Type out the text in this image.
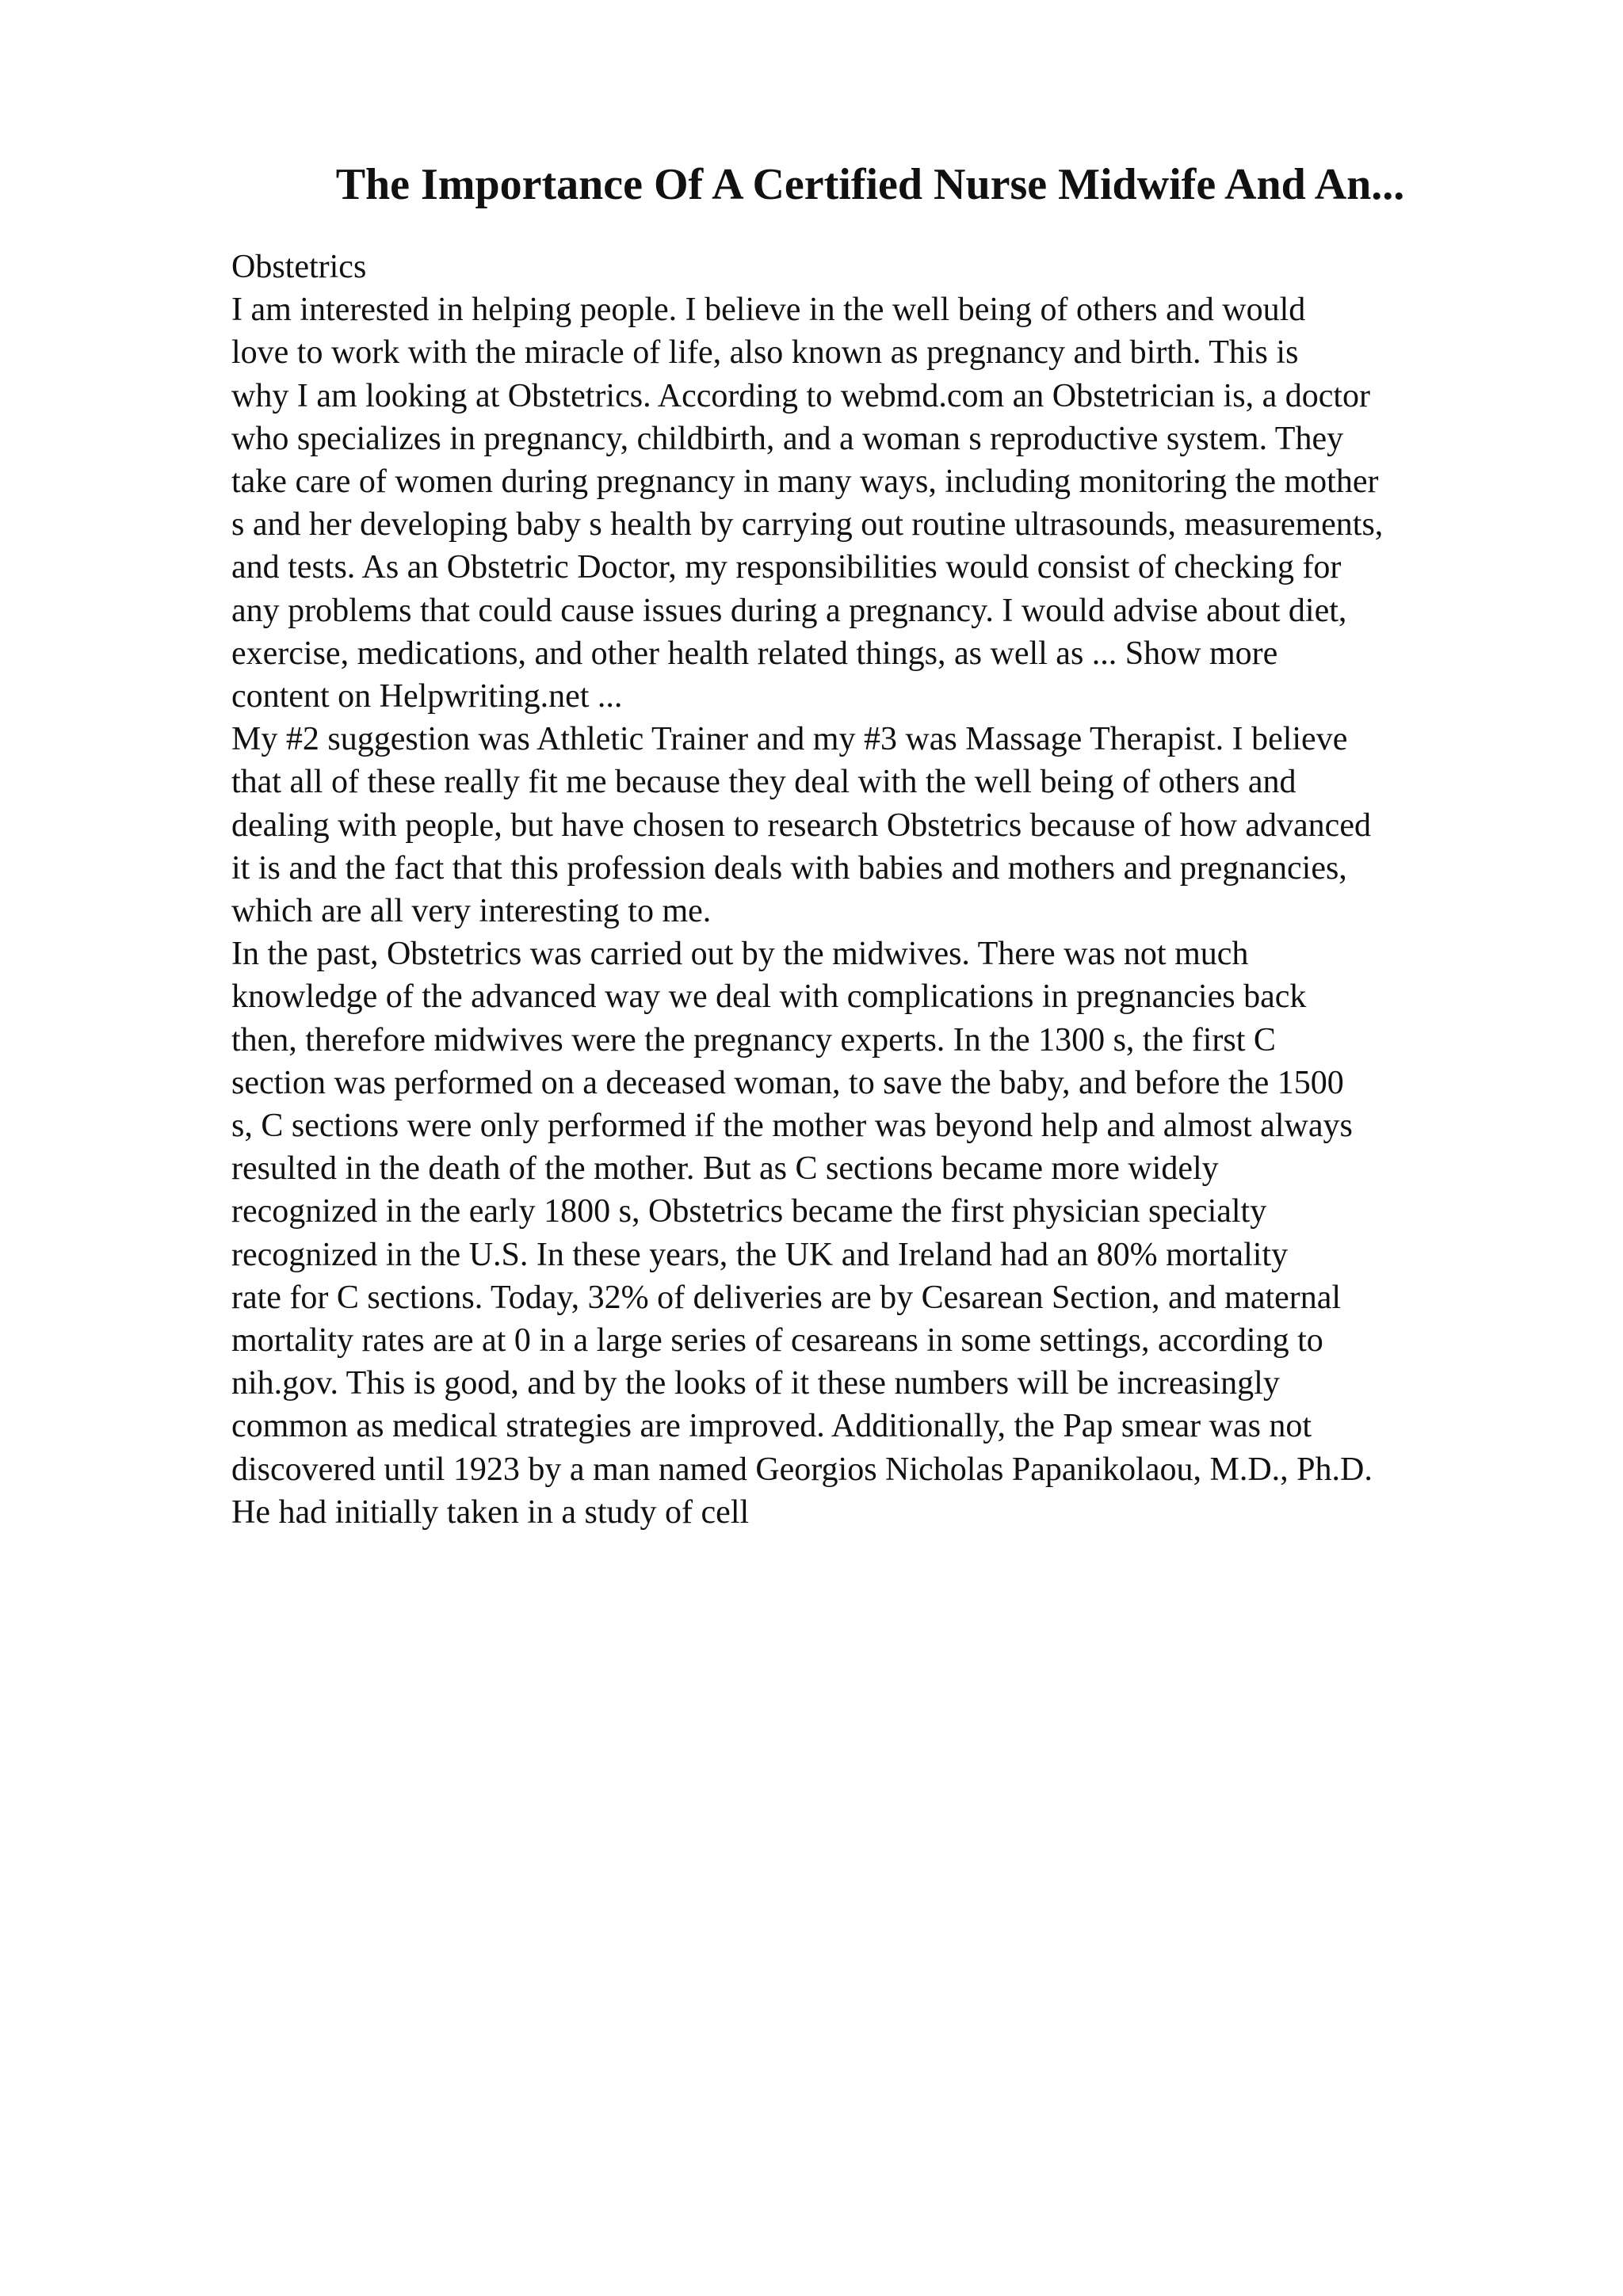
The Importance Of A Certified Nurse Midwife And An...
Obstetrics
I am interested in helping people. I believe in the well being of others and would
love to work with the miracle of life, also known as pregnancy and birth. This is
why I am looking at Obstetrics. According to webmd.com an Obstetrician is, a doctor
who specializes in pregnancy, childbirth, and a woman s reproductive system. They
take care of women during pregnancy in many ways, including monitoring the mother
s and her developing baby s health by carrying out routine ultrasounds, measurements,
and tests. As an Obstetric Doctor, my responsibilities would consist of checking for
any problems that could cause issues during a pregnancy. I would advise about diet,
exercise, medications, and other health related things, as well as ... Show more
content on Helpwriting.net ...
My #2 suggestion was Athletic Trainer and my #3 was Massage Therapist. I believe
that all of these really fit me because they deal with the well being of others and
dealing with people, but have chosen to research Obstetrics because of how advanced
it is and the fact that this profession deals with babies and mothers and pregnancies,
which are all very interesting to me.
In the past, Obstetrics was carried out by the midwives. There was not much
knowledge of the advanced way we deal with complications in pregnancies back
then, therefore midwives were the pregnancy experts. In the 1300 s, the first C
section was performed on a deceased woman, to save the baby, and before the 1500
s, C sections were only performed if the mother was beyond help and almost always
resulted in the death of the mother. But as C sections became more widely
recognized in the early 1800 s, Obstetrics became the first physician specialty
recognized in the U.S. In these years, the UK and Ireland had an 80% mortality
rate for C sections. Today, 32% of deliveries are by Cesarean Section, and maternal
mortality rates are at 0 in a large series of cesareans in some settings, according to
nih.gov. This is good, and by the looks of it these numbers will be increasingly
common as medical strategies are improved. Additionally, the Pap smear was not
discovered until 1923 by a man named Georgios Nicholas Papanikolaou, M.D., Ph.D.
He had initially taken in a study of cell
